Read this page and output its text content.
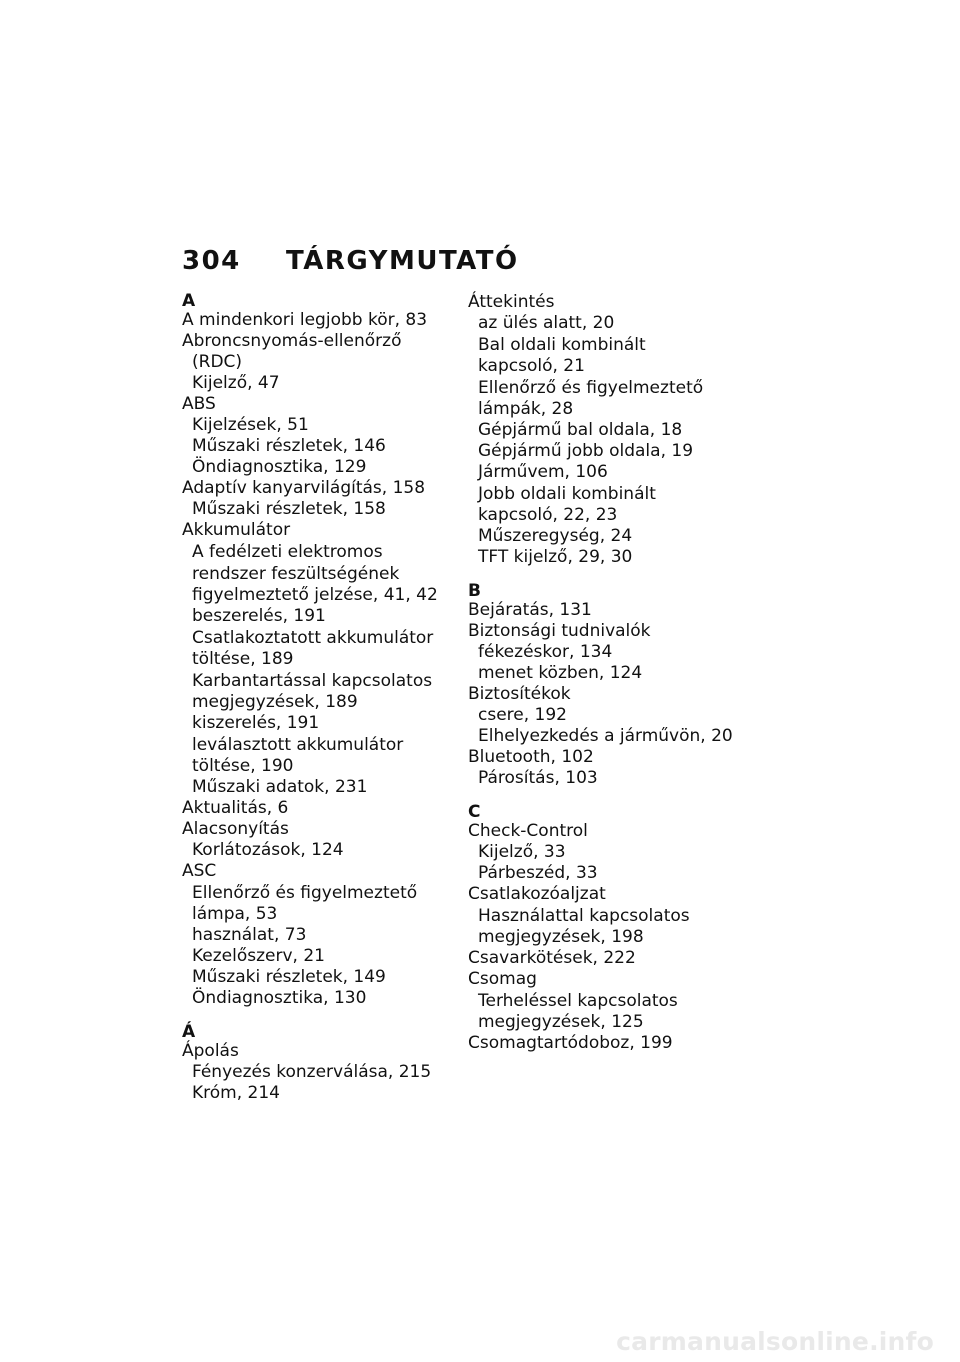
304 TÁRGYMUTATÓ
A
A mindenkori legjobb kör, 83
Abroncsnyomás-ellenőrző
(RDC)
Kijelző, 47
ABS
Kijelzések, 51
Műszaki részletek, 146
Öndiagnosztika, 129
Adaptív kanyarvilágítás, 158
Műszaki részletek, 158
Akkumulátor
A fedélzeti elektromos
rendszer feszültségének
figyelmeztető jelzése, 41, 42
beszerelés, 191
Csatlakoztatott akkumulátor
töltése, 189
Karbantartással kapcsolatos
megjegyzések, 189
kiszerelés, 191
leválasztott akkumulátor
töltése, 190
Műszaki adatok, 231
Aktualitás, 6
Alacsonyítás
Korlátozások, 124
ASC
Ellenőrző és figyelmeztető
lámpa, 53
használat, 73
Kezelőszerv, 21
Műszaki részletek, 149
Öndiagnosztika, 130
Á
Ápolás
Fényezés konzerválása, 215
Króm, 214
Áttekintés
az ülés alatt, 20
Bal oldali kombinált
kapcsoló, 21
Ellenőrző és figyelmeztető
lámpák, 28
Gépjármű bal oldala, 18
Gépjármű jobb oldala, 19
Járművem, 106
Jobb oldali kombinált
kapcsoló, 22, 23
Műszeregység, 24
TFT kijelző, 29, 30
B
Bejáratás, 131
Biztonsági tudnivalók
fékezéskor, 134
menet közben, 124
Biztosítékok
csere, 192
Elhelyezkedés a járművön, 20
Bluetooth, 102
Párosítás, 103
C
Check-Control
Kijelző, 33
Párbeszéd, 33
Csatlakozóaljzat
Használattal kapcsolatos
megjegyzések, 198
Csavarkötések, 222
Csomag
Terheléssel kapcsolatos
megjegyzések, 125
Csomagtartódoboz, 199
carmanualsonline.info
